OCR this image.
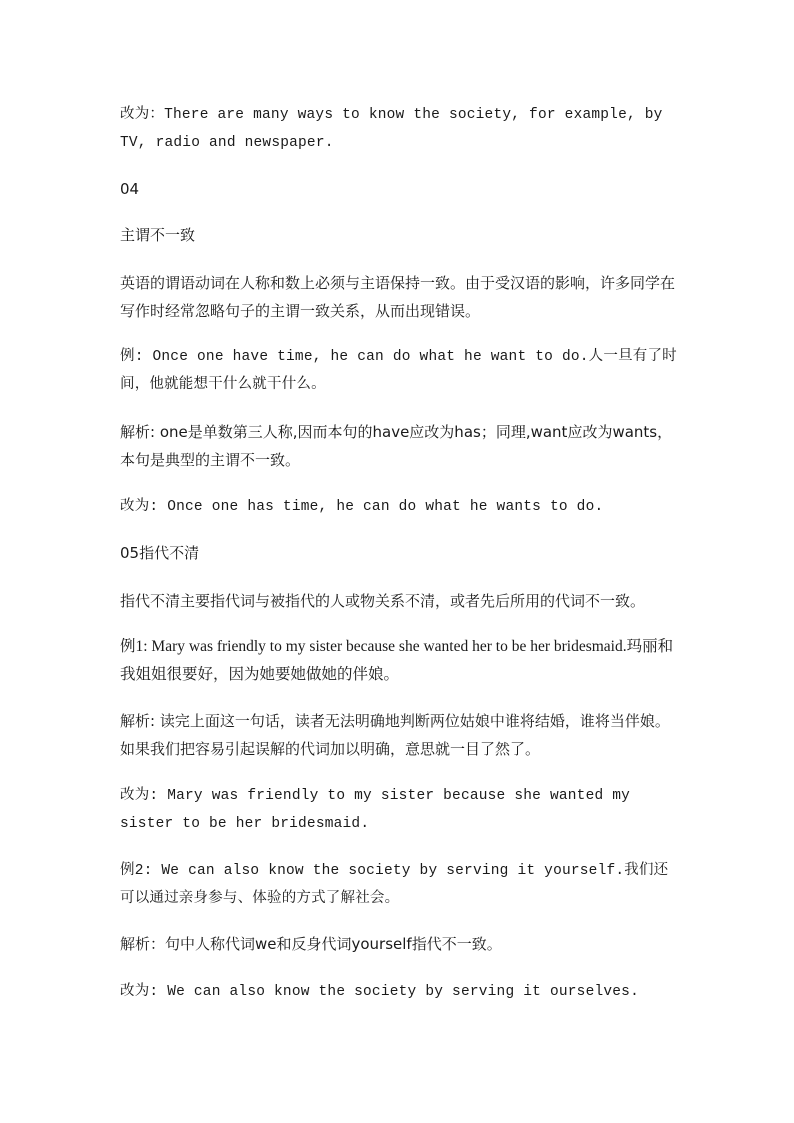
改为：There are many ways to know the society, for example, by TV, radio and newspaper.

04

主谓不一致

英语的谓语动词在人称和数上必须与主语保持一致。由于受汉语的影响，许多同学在写作时经常忽略句子的主谓一致关系，从而出现错误。

例: Once one have time, he can do what he want to do.人一旦有了时间，他就能想干什么就干什么。

解析: one是单数第三人称,因而本句的have应改为has；同理,want应改为wants，本句是典型的主谓不一致。

改为: Once one has time, he can do what he wants to do.

05指代不清

指代不清主要指代词与被指代的人或物关系不清，或者先后所用的代词不一致。

例1: Mary was friendly to my sister because she wanted her to be her bridesmaid.玛丽和我姐姐很要好，因为她要她做她的伴娘。

解析: 读完上面这一句话，读者无法明确地判断两位姑娘中谁将结婚，谁将当伴娘。如果我们把容易引起误解的代词加以明确，意思就一目了然了。

改为: Mary was friendly to my sister because she wanted my sister to be her bridesmaid.

例2: We can also know the society by serving it yourself.我们还可以通过亲身参与、体验的方式了解社会。

解析：句中人称代词we和反身代词yourself指代不一致。

改为: We can also know the society by serving it ourselves.
